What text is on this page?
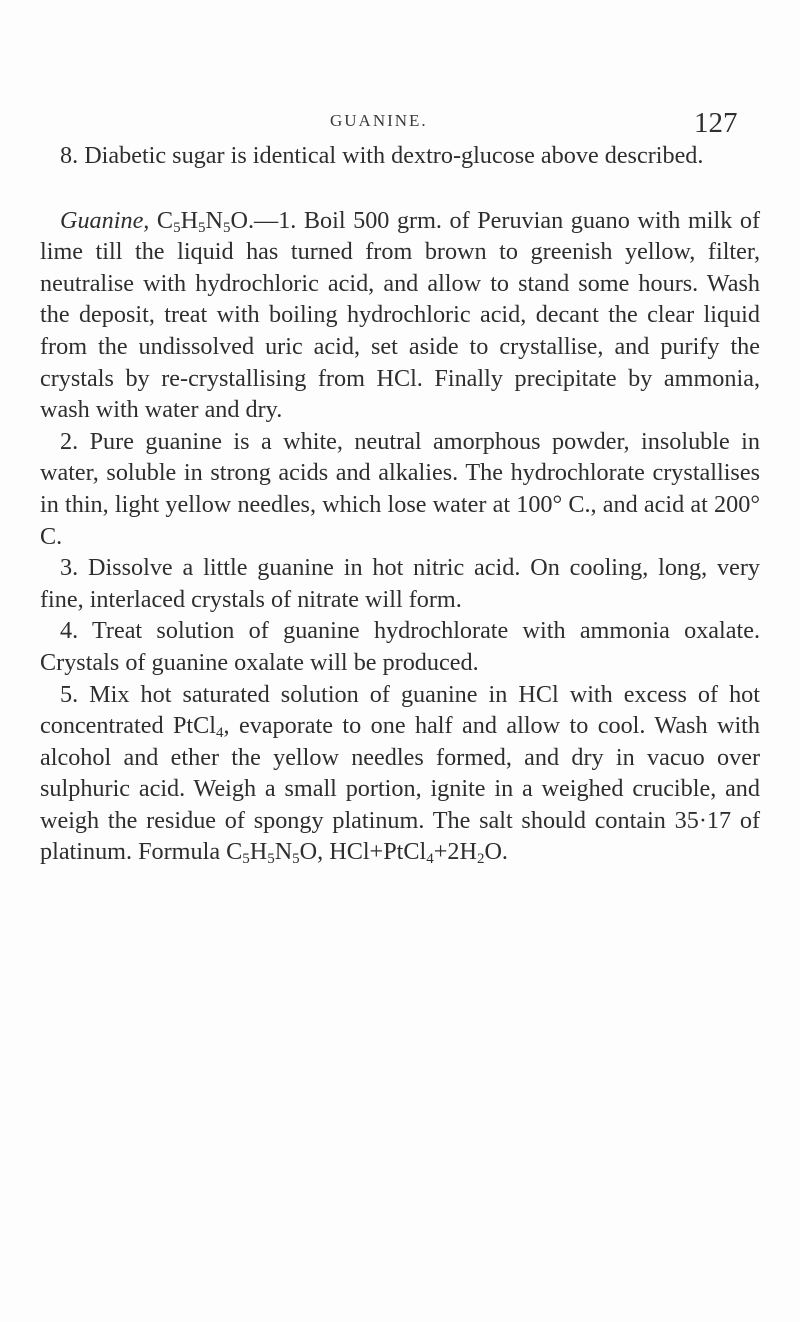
GUANINE.	127

8. Diabetic sugar is identical with dextro-glucose above described.

Guanine, $C_5H_5N_5O.—1$. Boil 500 grm. of Peruvian guano with milk of lime till the liquid has turned from brown to greenish yellow, filter, neutralise with hydrochloric acid, and allow to stand some hours. Wash the deposit, treat with boiling hydrochloric acid, decant the clear liquid from the undissolved uric acid, set aside to crystallise, and purify the crystals by re-crystallising from HCl. Finally precipitate by ammonia, wash with water and dry.

2. Pure guanine is a white, neutral amorphous powder, insoluble in water, soluble in strong acids and alkalies. The hydrochlorate crystallises in thin, light yellow needles, which lose water at 100° C., and acid at 200° C.

3. Dissolve a little guanine in hot nitric acid. On cooling, long, very fine, interlaced crystals of nitrate will form.

4. Treat solution of guanine hydrochlorate with ammonia oxalate. Crystals of guanine oxalate will be produced.

5. Mix hot saturated solution of guanine in HCl with excess of hot concentrated PtCl$_4$, evaporate to one half and allow to cool. Wash with alcohol and ether the yellow needles formed, and dry in vacuo over sulphuric acid. Weigh a small portion, ignite in a weighed crucible, and weigh the residue of spongy platinum. The salt should contain 35·17 of platinum. Formula $C_5H_5N_5O$, $HCl+PtCl_4+2H_2O$.
